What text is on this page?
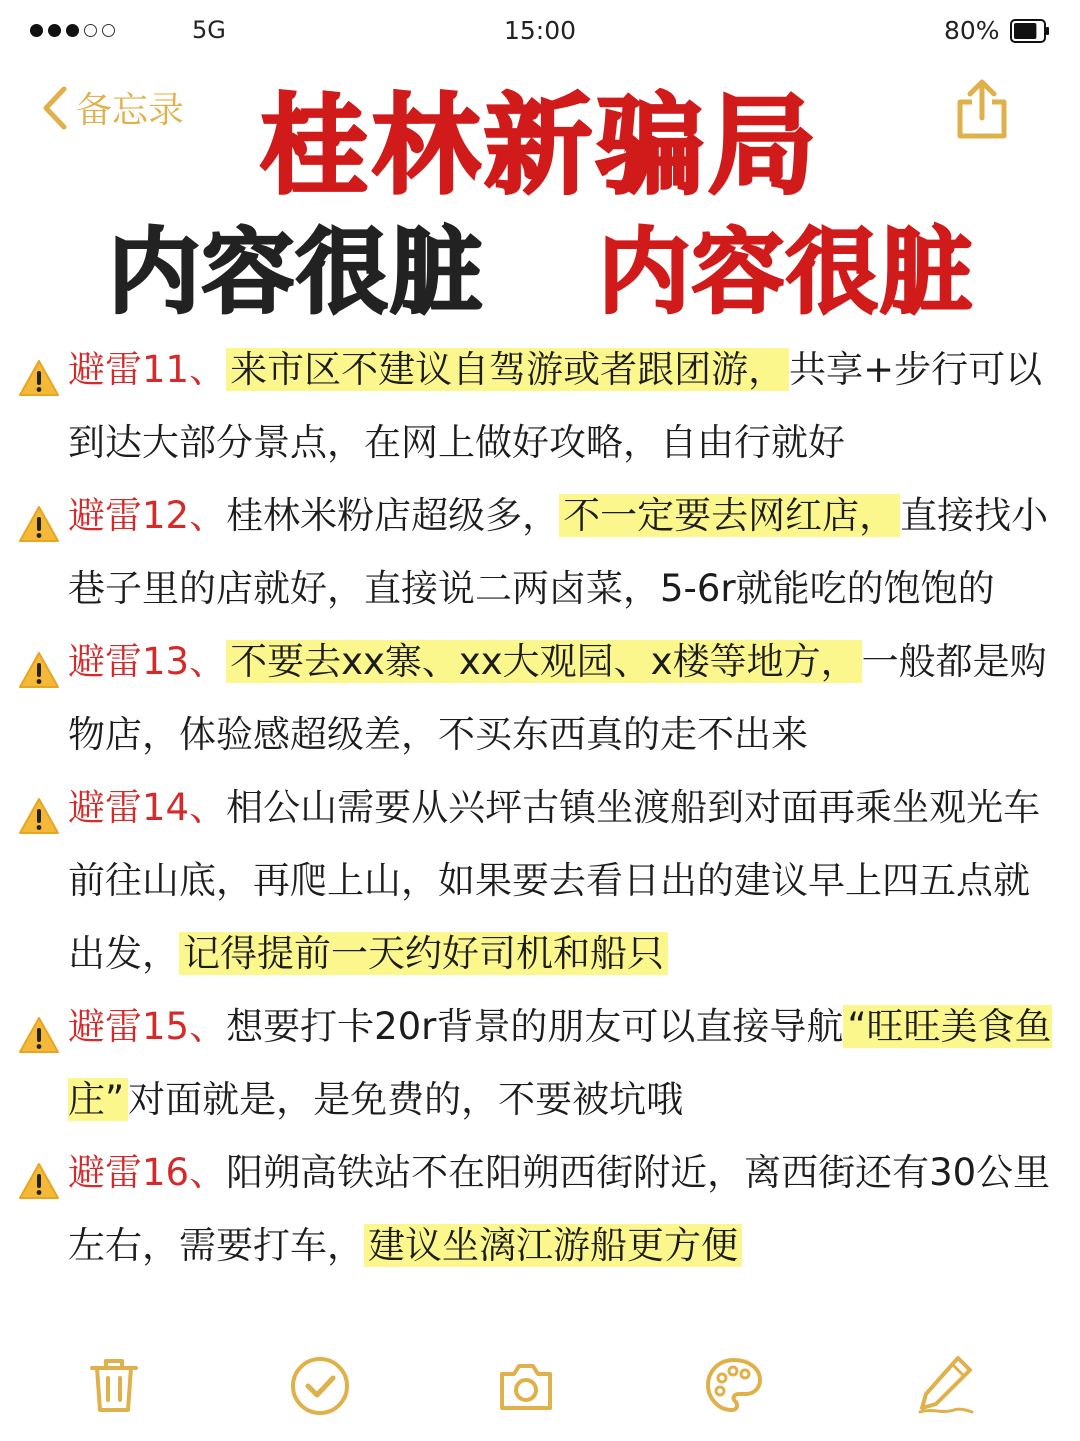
5G	15:00	80%
备忘录 桂林新骗局
内容很脏 内容很脏
避雷11、 来市区不建议自驾游或者跟团游， 共享+步行可以到达大部分景点，在网上做好攻略，自由行就好
避雷12、桂林米粉店超级多， 不一定要去网红店， 直接找小巷子里的店就好，直接说二两卤菜，5-6r就能吃的饱饱的
避雷13、 不要去xx寨、xx大观园、x楼等地方， 一般都是购物店，体验感超级差，不买东西真的走不出来
避雷14、相公山需要从兴坪古镇坐渡船到对面再乘坐观光车前往山底，再爬上山，如果要去看日出的建议早上四五点就出发， 记得提前一天约好司机和船只
避雷15、想要打卡20r背景的朋友可以直接导航 “旺旺美食鱼庄” 对面就是，是免费的，不要被坑哦
避雷16、阳朔高铁站不在阳朔西街附近，离西街还有30公里左右，需要打车， 建议坐漓江游船更方便
